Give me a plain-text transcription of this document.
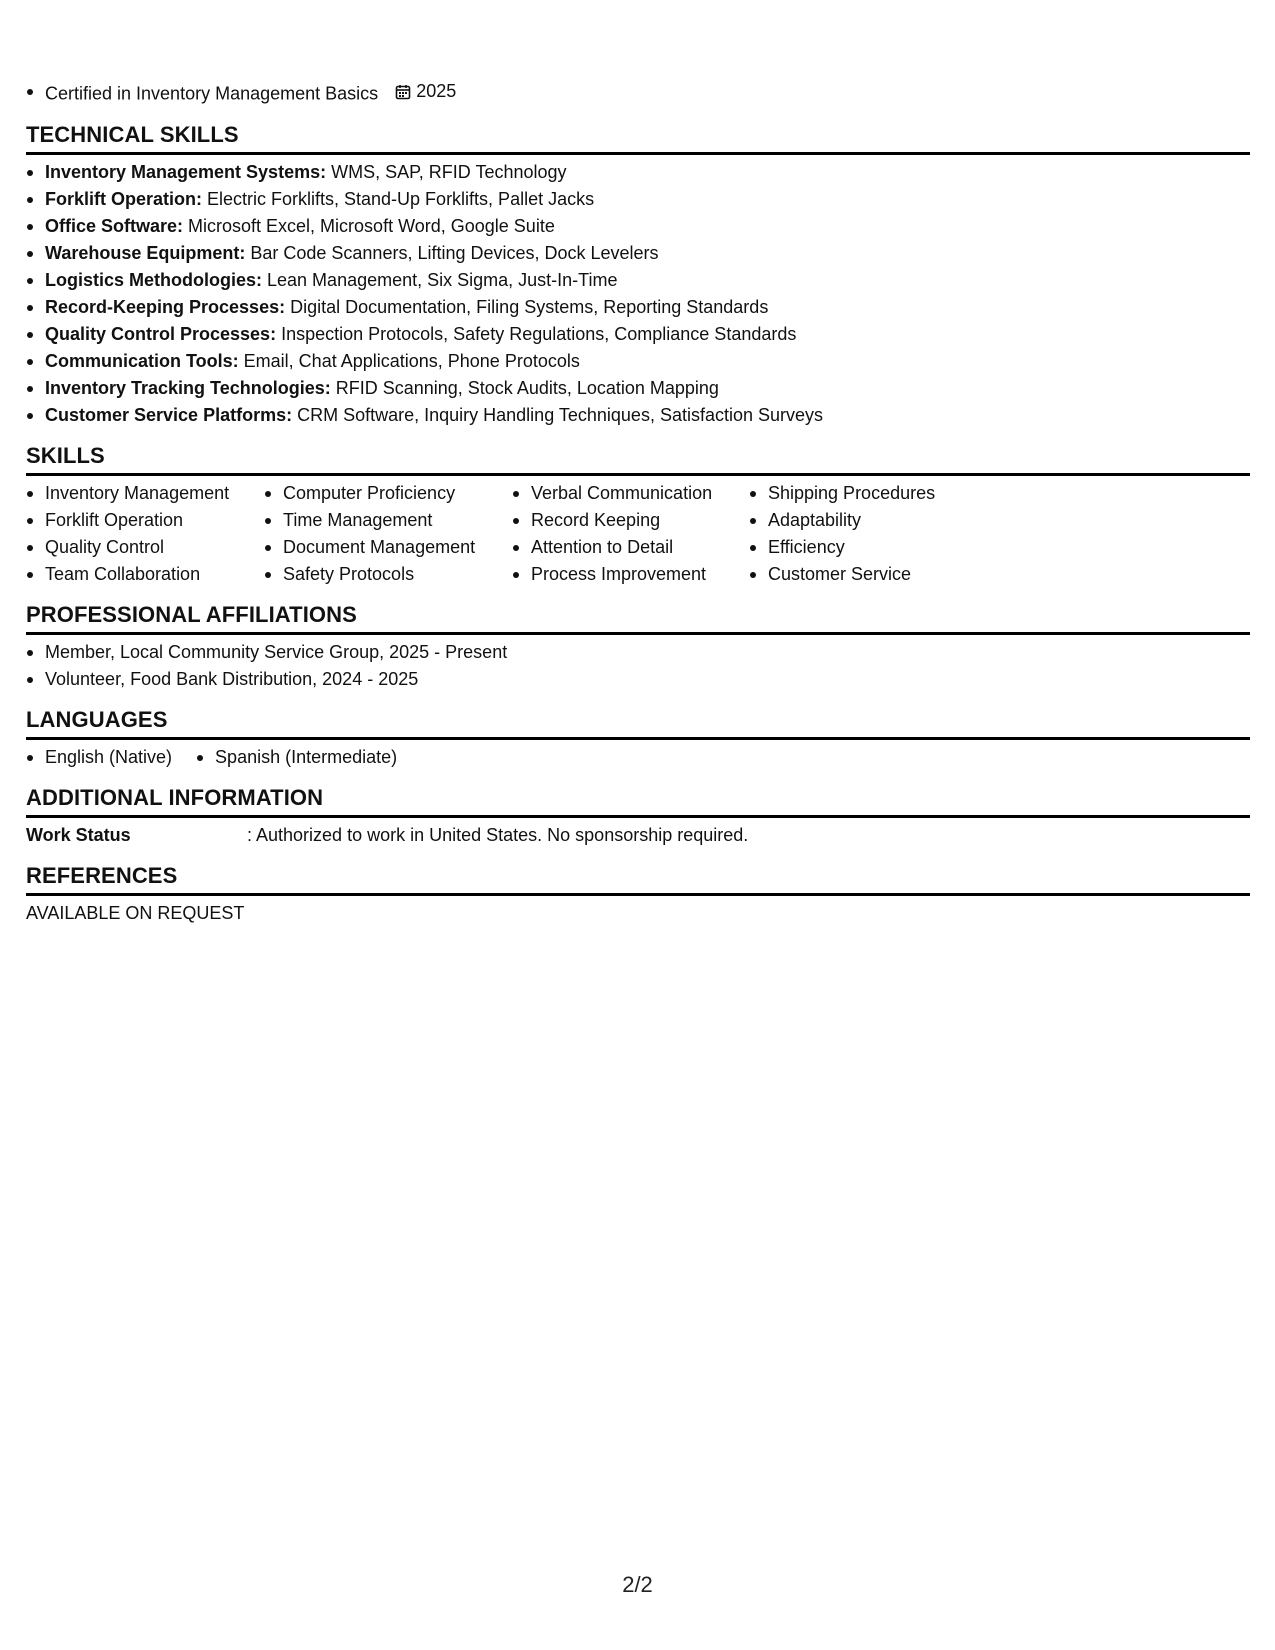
Certified in Inventory Management Basics 2025
TECHNICAL SKILLS
Inventory Management Systems: WMS, SAP, RFID Technology
Forklift Operation: Electric Forklifts, Stand-Up Forklifts, Pallet Jacks
Office Software: Microsoft Excel, Microsoft Word, Google Suite
Warehouse Equipment: Bar Code Scanners, Lifting Devices, Dock Levelers
Logistics Methodologies: Lean Management, Six Sigma, Just-In-Time
Record-Keeping Processes: Digital Documentation, Filing Systems, Reporting Standards
Quality Control Processes: Inspection Protocols, Safety Regulations, Compliance Standards
Communication Tools: Email, Chat Applications, Phone Protocols
Inventory Tracking Technologies: RFID Scanning, Stock Audits, Location Mapping
Customer Service Platforms: CRM Software, Inquiry Handling Techniques, Satisfaction Surveys
SKILLS
Inventory Management
Forklift Operation
Quality Control
Team Collaboration
Computer Proficiency
Time Management
Document Management
Safety Protocols
Verbal Communication
Record Keeping
Attention to Detail
Process Improvement
Shipping Procedures
Adaptability
Efficiency
Customer Service
PROFESSIONAL AFFILIATIONS
Member, Local Community Service Group, 2025 - Present
Volunteer, Food Bank Distribution, 2024 - 2025
LANGUAGES
English (Native)	Spanish (Intermediate)
ADDITIONAL INFORMATION
Work Status	: Authorized to work in United States. No sponsorship required.
REFERENCES
AVAILABLE ON REQUEST
2/2
